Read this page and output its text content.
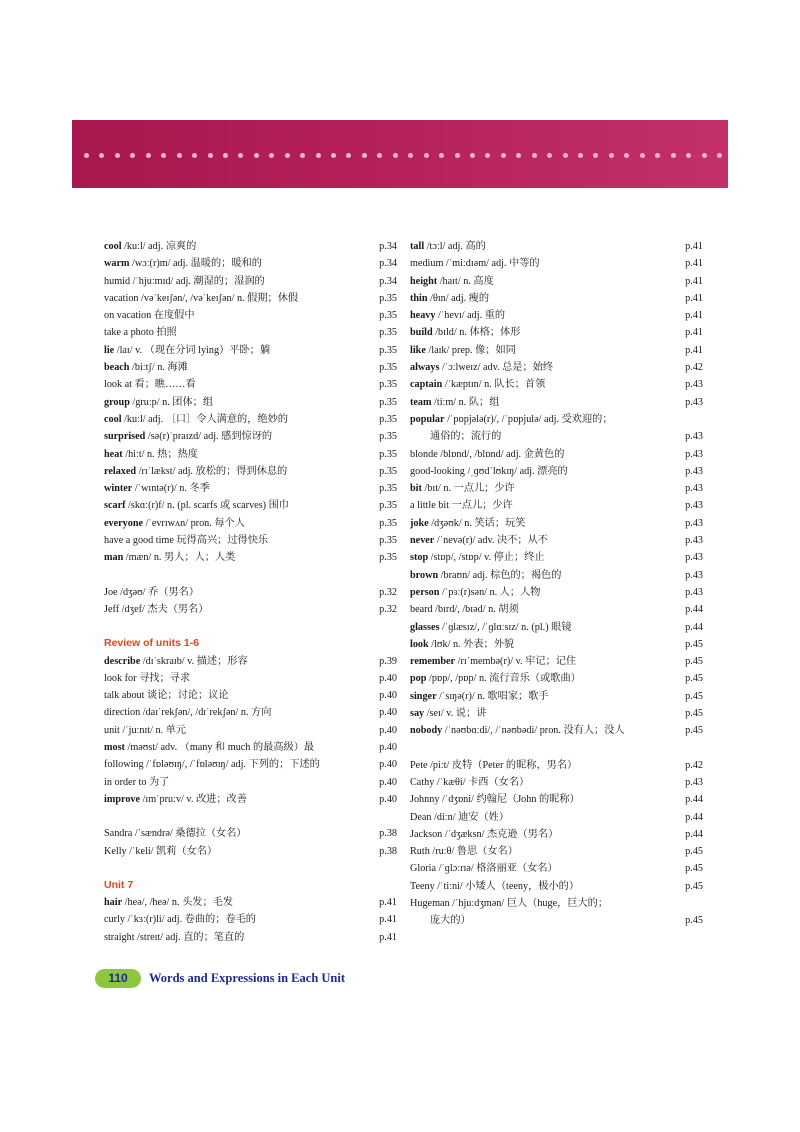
cool /kuːl/ adj. 凉爽的	p.34
warm /wɔː(r)m/ adj. 温暖的；暖和的	p.34
humid /ˈhjuːmɪd/ adj. 潮湿的；湿润的	p.34
vacation /vəˈkeɪʃən/, /vəˈkeɪʃən/ n. 假期；休假	p.35
on vacation 在度假中	p.35
take a photo 拍照	p.35
lie /laɪ/ v. （现在分词 lying）平卧；躺	p.35
beach /biːtʃ/ n. 海滩	p.35
look at 看；瞧……看	p.35
group /gruːp/ n. 团体；组	p.35
cool /kuːl/ adj. 〔口〕令人满意的，绝妙的	p.35
surprised /sə(r)ˈpraɪzd/ adj. 感到惊讶的	p.35
heat /hiːt/ n. 热；热度	p.35
relaxed /rɪˈlækst/ adj. 放松的；得到休息的	p.35
winter /ˈwɪntə(r)/ n. 冬季	p.35
scarf /skɑː(r)f/ n. (pl. scarfs 或 scarves) 围巾	p.35
everyone /ˈevrɪwʌn/ pron. 每个人	p.35
have a good time 玩得高兴；过得快乐	p.35
man /mæn/ n. 男人；人；人类	p.35
Joe /dʒəʊ/ 乔（男名）	p.32
Jeff /dʒef/ 杰夫（男名）	p.32
Review of units 1-6
describe /dɪˈskraɪb/ v. 描述；形容	p.39
look for 寻找；寻求	p.40
talk about 谈论；讨论；议论	p.40
direction /daɪˈrekʃən/, /dɪˈrekʃən/ n. 方向	p.40
unit /ˈjuːnɪt/ n. 单元	p.40
most /məʊst/ adv. （many 和 much 的最高级）最	p.40
following /ˈfɒləʊɪŋ/, /ˈfɒləʊɪŋ/ adj. 下列的；下述的	p.40
in order to 为了	p.40
improve /ɪmˈpruːv/ v. 改进；改善	p.40
Sandra /ˈsændrə/ 桑德拉（女名）	p.38
Kelly /ˈkeli/ 凯莉（女名）	p.38
Unit 7
hair /heə/, /heə/ n. 头发；毛发	p.41
curly /ˈkɜː(r)li/ adj. 卷曲的；卷毛的	p.41
straight /streɪt/ adj. 直的；笔直的	p.41
tall /tɔːl/ adj. 高的	p.41
medium /ˈmiːdɪəm/ adj. 中等的	p.41
height /haɪt/ n. 高度	p.41
thin /θɪn/ adj. 瘦的	p.41
heavy /ˈhevɪ/ adj. 重的	p.41
build /bɪld/ n. 体格；体形	p.41
like /laɪk/ prep. 像；如同	p.41
always /ˈɔːlweɪz/ adv. 总是；始终	p.42
captain /ˈkæptɪn/ n. 队长；首领	p.43
team /tiːm/ n. 队；组	p.43
popular /ˈpɒpjələ(r)/, /ˈpɒpjulə/ adj. 受欢迎的；
通俗的；流行的	p.43
blonde /blɒnd/, /blɒnd/ adj. 金黄色的	p.43
good-looking /ˌɡʊdˈlʊkɪŋ/ adj. 漂亮的	p.43
bit /bɪt/ n. 一点儿；少许	p.43
a little bit 一点儿；少许	p.43
joke /dʒəʊk/ n. 笑话；玩笑	p.43
never /ˈnevə(r)/ adv. 决不；从不	p.43
stop /stɒp/, /stɒp/ v. 停止；终止	p.43
brown /braʊn/ adj. 棕色的；褐色的	p.43
person /ˈpɜː(r)sən/ n. 人；人物	p.43
beard /bɪrd/, /bɪəd/ n. 胡须	p.44
glasses /ˈɡlæsɪz/, /ˈɡlɑːsɪz/ n. (pl.) 眼镜	p.44
look /lʊk/ n. 外表；外貌	p.45
remember /rɪˈmembə(r)/ v. 牢记；记住	p.45
pop /pɒp/, /pɒp/ n. 流行音乐（或歌曲）	p.45
singer /ˈsɪŋə(r)/ n. 歌唱家；歌手	p.45
say /seɪ/ v. 说；讲	p.45
nobody /ˈnəʊbɑːdi/, /ˈnəʊbədi/ pron. 没有人；没人	p.45
Pete /piːt/ 皮特（Peter 的昵称，男名）	p.42
Cathy /ˈkæθi/ 卡西（女名）	p.43
Johnny /ˈdʒɒni/ 约翰尼（John 的昵称）	p.44
Dean /diːn/ 迪安（姓）	p.44
Jackson /ˈdʒæksn/ 杰克逊（男名）	p.44
Ruth /ruːθ/ 鲁思（女名）	p.45
Gloria /ˈɡlɔːrɪə/ 格洛丽亚（女名）	p.45
Teeny /ˈtiːni/ 小矮人（teeny，极小的）	p.45
Hugeman /ˈhjuːdʒmən/ 巨人（huge，巨大的；
庞大的）	p.45
110	Words and Expressions in Each Unit
